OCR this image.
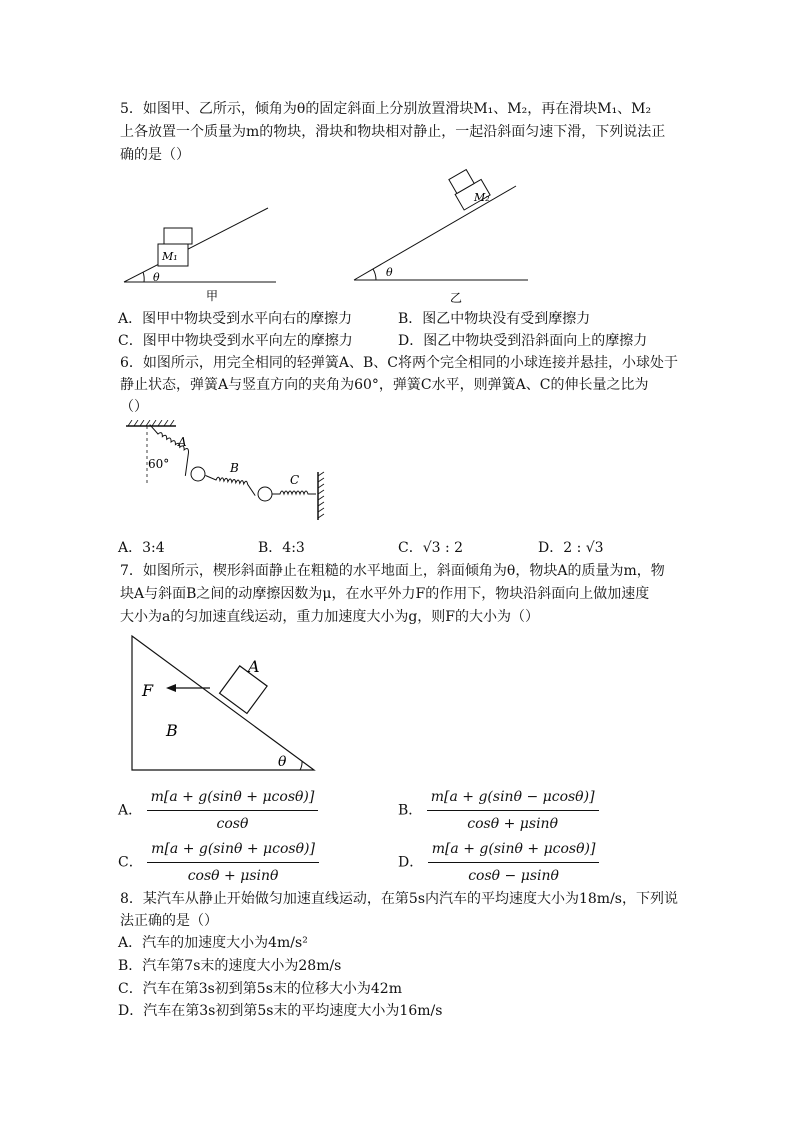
5．如图甲、乙所示，倾角为θ的固定斜面上分别放置滑块M₁、M₂，再在滑块M₁、M₂
上各放置一个质量为m的物块，滑块和物块相对静止，一起沿斜面匀速下滑，下列说法正
确的是（）
M₁
θ
甲
M₂
θ
乙
A．图甲中物块受到水平向右的摩擦力	B．图乙中物块没有受到摩擦力
C．图甲中物块受到水平向左的摩擦力	D．图乙中物块受到沿斜面向上的摩擦力
6．如图所示，用完全相同的轻弹簧A、B、C将两个完全相同的小球连接并悬挂，小球处于
静止状态，弹簧A与竖直方向的夹角为60°，弹簧C水平，则弹簧A、C的伸长量之比为
（）
60°
A
B
C
A．3:4	B．4:3	C．√3 : 2	D．2 : √3
7．如图所示，楔形斜面静止在粗糙的水平地面上，斜面倾角为θ，物块A的质量为m，物
块A与斜面B之间的动摩擦因数为μ，在水平外力F的作用下，物块沿斜面向上做加速度
大小为a的匀加速直线运动，重力加速度大小为g，则F的大小为（）
F
A
B
θ
A． $\frac{m[a + g(\sin\theta + \mu\cos\theta)]}{\cos\theta}$	B． $\frac{m[a + g(\sin\theta - \mu\cos\theta)]}{\cos\theta + \mu\sin\theta}$
C． $\frac{m[a + g(\sin\theta + \mu\cos\theta)]}{\cos\theta + \mu\sin\theta}$	D． $\frac{m[a + g(\sin\theta + \mu\cos\theta)]}{\cos\theta - \mu\sin\theta}$
8．某汽车从静止开始做匀加速直线运动，在第5s内汽车的平均速度大小为18m/s，下列说
法正确的是（）
A．汽车的加速度大小为4m/s²
B．汽车第7s末的速度大小为28m/s
C．汽车在第3s初到第5s末的位移大小为42m
D．汽车在第3s初到第5s末的平均速度大小为16m/s
